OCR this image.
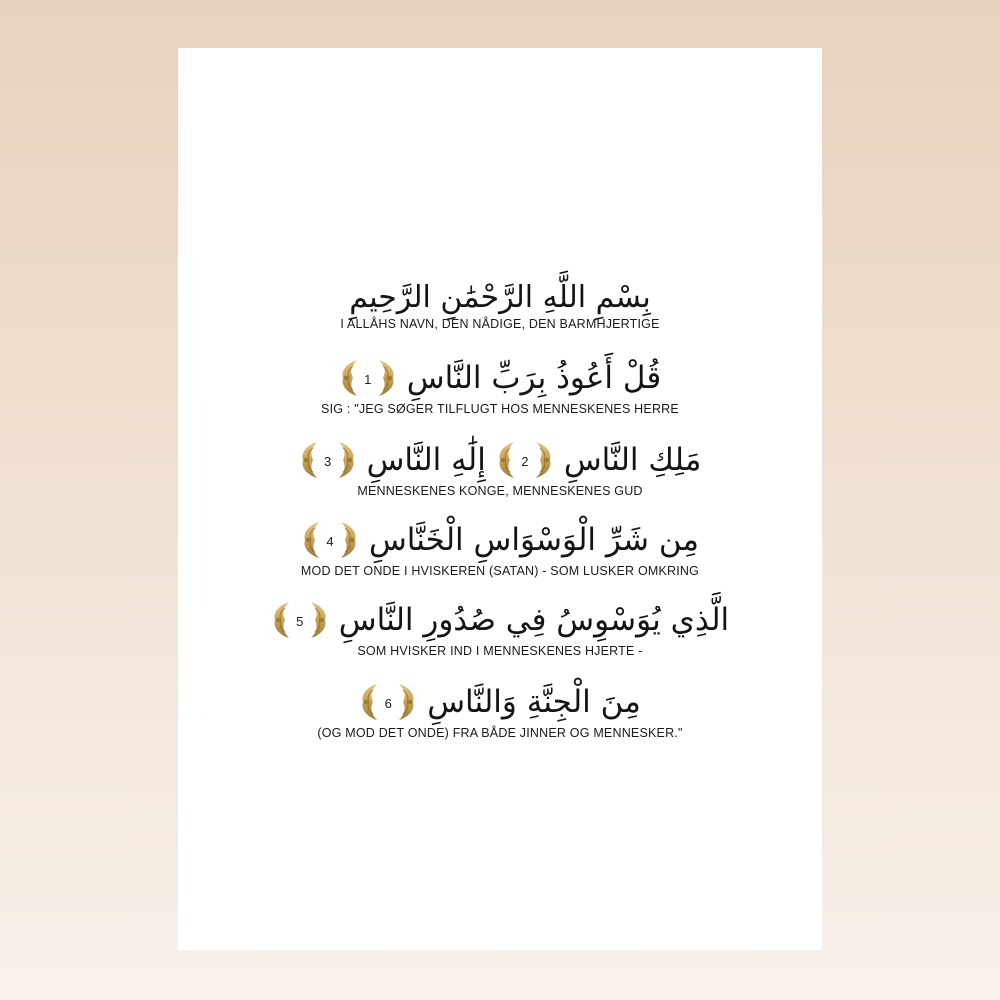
بِسْمِ اللَّهِ الرَّحْمَٰنِ الرَّحِيمِ
I ALLÅHS NAVN, DEN NÅDIGE, DEN BARMHJERTIGE
قُلْ أَعُوذُ بِرَبِّ النَّاسِ
1
SIG : "JEG SØGER TILFLUGT HOS MENNESKENES HERRE
مَلِكِ النَّاسِ
2
إِلَٰهِ النَّاسِ
3
MENNESKENES KONGE, MENNESKENES GUD
مِن شَرِّ الْوَسْوَاسِ الْخَنَّاسِ
4
MOD DET ONDE I HVISKEREN (SATAN) - SOM LUSKER OMKRING
الَّذِي يُوَسْوِسُ فِي صُدُورِ النَّاسِ
5
SOM HVISKER IND I MENNESKENES HJERTE -
مِنَ الْجِنَّةِ وَالنَّاسِ
6
(OG MOD DET ONDE) FRA BÅDE JINNER OG MENNESKER."
